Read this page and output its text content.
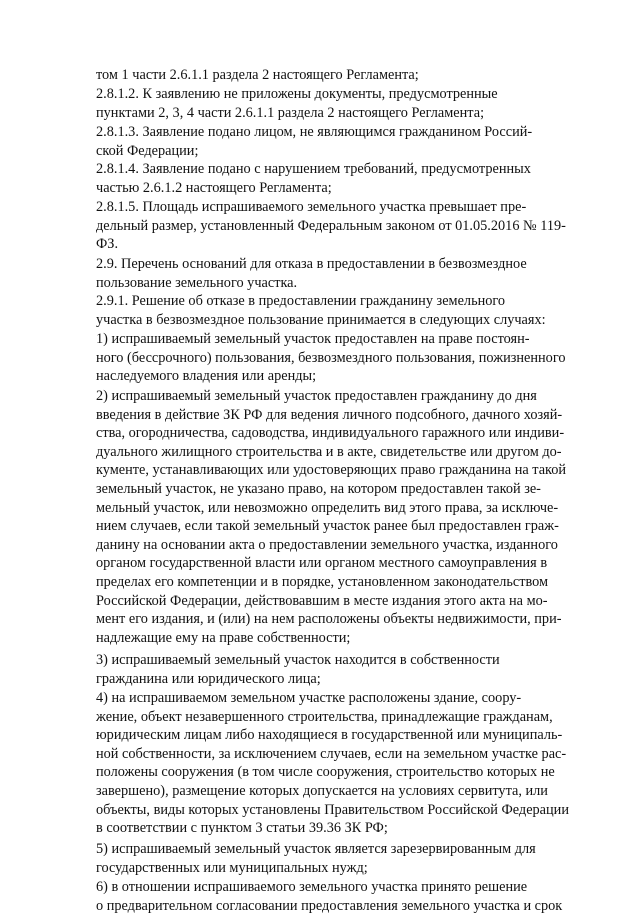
том 1 части 2.6.1.1 раздела 2 настоящего Регламента;

2.8.1.2. К заявлению не приложены документы, предусмотренные
пунктами 2, 3, 4 части 2.6.1.1 раздела 2 настоящего Регламента;

2.8.1.3. Заявление подано лицом, не являющимся гражданином Россий-
ской Федерации;

2.8.1.4. Заявление подано с нарушением требований, предусмотренных
частью 2.6.1.2 настоящего Регламента;

2.8.1.5. Площадь испрашиваемого земельного участка превышает пре-
дельный размер, установленный Федеральным законом от 01.05.2016 № 119-
ФЗ.

2.9. Перечень оснований для отказа в предоставлении в безвозмездное
пользование земельного участка.

2.9.1. Решение об отказе в предоставлении гражданину земельного
участка в безвозмездное пользование принимается в следующих случаях:

1) испрашиваемый земельный участок предоставлен на праве постоян-
ного (бессрочного) пользования, безвозмездного пользования, пожизненного
наследуемого владения или аренды;

2) испрашиваемый земельный участок предоставлен гражданину до дня
введения в действие ЗК РФ для ведения личного подсобного, дачного хозяй-
ства, огородничества, садоводства, индивидуального гаражного или индиви-
дуального жилищного строительства и в акте, свидетельстве или другом до-
кументе, устанавливающих или удостоверяющих право гражданина на такой
земельный участок, не указано право, на котором предоставлен такой зе-
мельный участок, или невозможно определить вид этого права, за исключе-
нием случаев, если такой земельный участок ранее был предоставлен граж-
данину на основании акта о предоставлении земельного участка, изданного
органом государственной власти или органом местного самоуправления в
пределах его компетенции и в порядке, установленном законодательством
Российской Федерации, действовавшим в месте издания этого акта на мо-
мент его издания, и (или) на нем расположены объекты недвижимости, при-
надлежащие ему на праве собственности;

3) испрашиваемый земельный участок находится в собственности
гражданина или юридического лица;

4) на испрашиваемом земельном участке расположены здание, соору-
жение, объект незавершенного строительства, принадлежащие гражданам,
юридическим лицам либо находящиеся в государственной или муниципаль-
ной собственности, за исключением случаев, если на земельном участке рас-
положены сооружения (в том числе сооружения, строительство которых не
завершено), размещение которых допускается на условиях сервитута, или
объекты, виды которых установлены Правительством Российской Федерации
в соответствии с пунктом 3 статьи 39.36 ЗК РФ;

5) испрашиваемый земельный участок является зарезервированным для
государственных или муниципальных нужд;

6) в отношении испрашиваемого земельного участка принято решение
о предварительном согласовании предоставления земельного участка и срок
